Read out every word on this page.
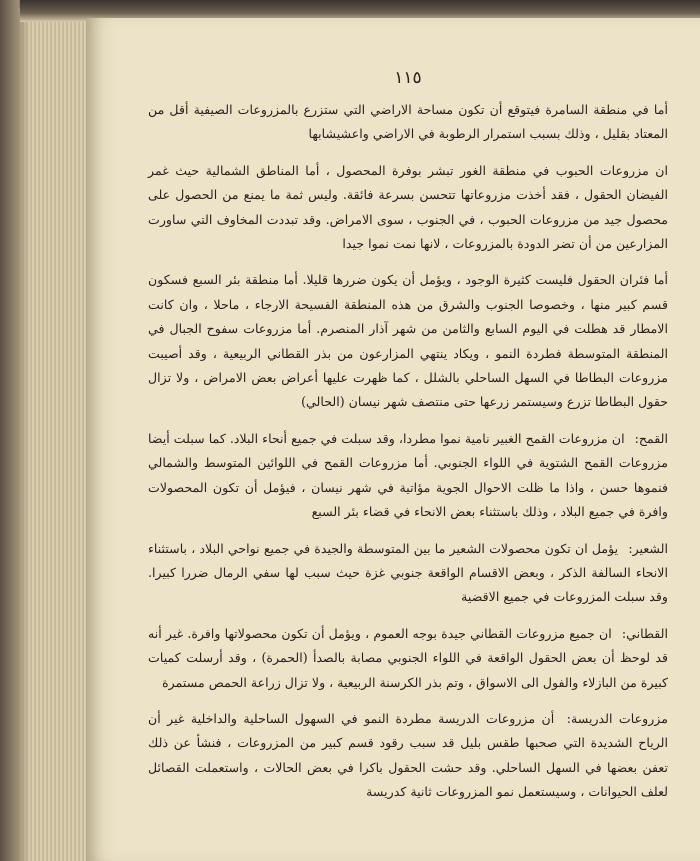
١١٥

أما في منطقة السامرة فيتوقع أن تكون مساحة الاراضي التي ستزرع بالمزروعات الصيفية أقل من المعتاد بقليل ، وذلك بسبب استمرار الرطوبة في الاراضي واعشيشابها

ان مزروعات الحبوب في منطقة الغور تبشر بوفرة المحصول ، أما المناطق الشمالية حيث غمر الفيضان الحقول ، فقد أخذت مزروعاتها تتحسن بسرعة فائقة. وليس ثمة ما يمنع من الحصول على محصول جيد من مزروعات الحبوب ، في الجنوب ، سوى الامراض. وقد تبددت المخاوف التي ساورت المزارعين من أن تضر الدودة بالمزروعات ، لانها نمت نموا جيدا

أما فئران الحقول فليست كثيرة الوجود ، ويؤمل أن يكون ضررها قليلا. أما منطقة بئر السبع فسكون قسم كبير منها ، وخصوصا الجنوب والشرق من هذه المنطقة الفسيحة الارجاء ، ماحلا ، وان كانت الامطار قد هطلت في اليوم السابع والثامن من شهر آذار المنصرم. أما مزروعات سفوح الجبال في المنطقة المتوسطة فطردة النمو ، ويكاد ينتهي المزارعون من بذر القطاني الربيعية ، وقد أصيبت مزروعات البطاطا في السهل الساحلي بالشلل ، كما ظهرت عليها أعراض بعض الامراض ، ولا تزال حقول البطاطا تزرع وسيستمر زرعها حتى منتصف شهر نيسان (الحالي)

القمح: ان مزروعات القمح الغبير نامية نموا مطردا، وقد سبلت في جميع أنحاء البلاد. كما سبلت أيضا مزروعات القمح الشتوية في اللواء الجنوبي. أما مزروعات القمح في اللوائين المتوسط والشمالي فنموها حسن ، واذا ما ظلت الاحوال الجوية مؤاتية في شهر نيسان ، فيؤمل أن تكون المحصولات وافرة في جميع البلاد ، وذلك باستثناء بعض الانحاء في قضاء بئر السبع

الشعير: يؤمل ان تكون محصولات الشعير ما بين المتوسطة والجيدة في جميع نواحي البلاد ، باستثناء الانحاء السالفة الذكر ، وبعض الاقسام الواقعة جنوبي غزة حيث سبب لها سفي الرمال ضررا كبيرا. وقد سبلت المزروعات في جميع الاقضية

القطاني: ان جميع مزروعات القطاني جيدة بوجه العموم ، ويؤمل أن تكون محصولاتها وافرة. غير أنه قد لوحظ أن بعض الحقول الواقعة في اللواء الجنوبي مصابة بالصدأ (الحمرة) ، وقد أرسلت كميات كبيرة من البازلاء والفول الى الاسواق ، وتم بذر الكرسنة الربيعية ، ولا تزال زراعة الحمص مستمرة

مزروعات الدريسة: أن مزروعات الدريسة مطردة النمو في السهول الساحلية والداخلية غير أن الرياح الشديدة التي صحبها طقس بليل قد سبب رقود قسم كبير من المزروعات ، فنشأ عن ذلك تعفن بعضها في السهل الساحلي. وقد حشت الحقول باكرا في بعض الحالات ، واستعملت القصائل لعلف الحيوانات ، وسيستعمل نمو المزروعات ثانية كدريسة
